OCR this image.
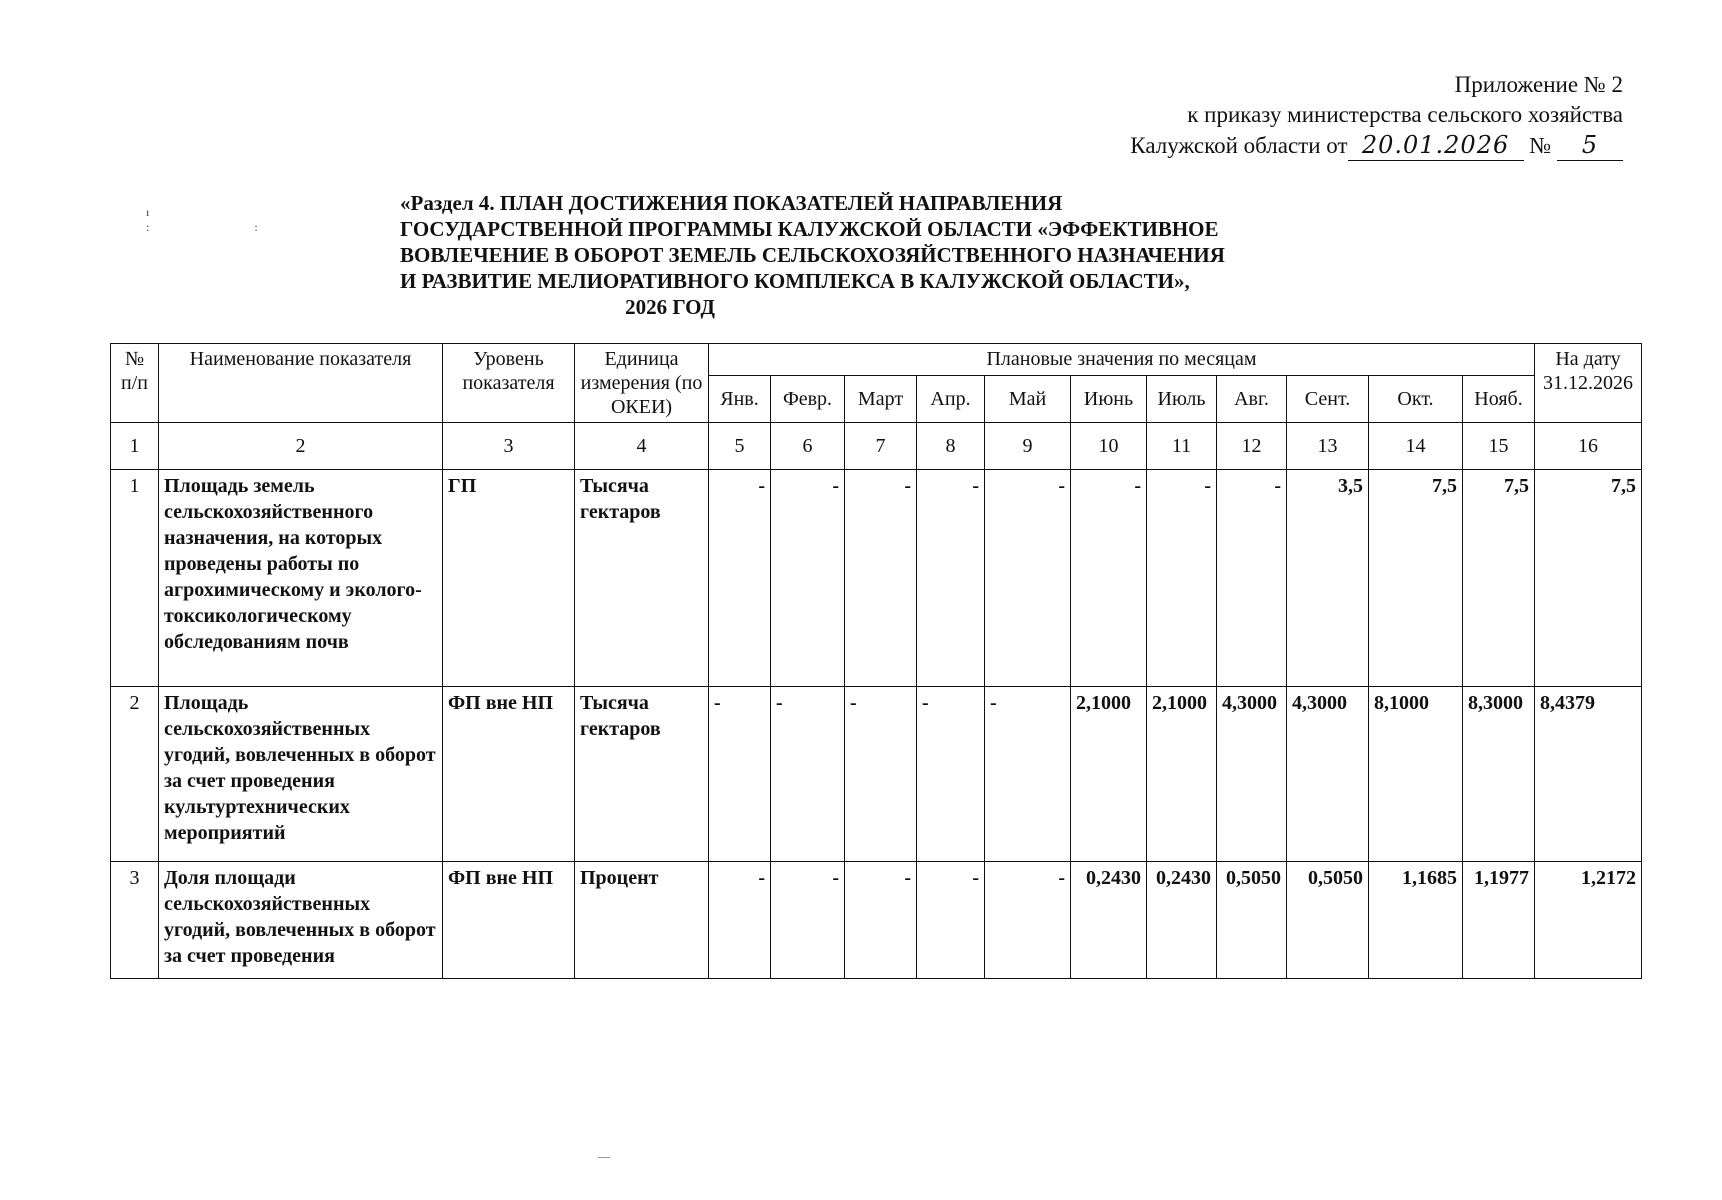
Приложение № 2
к приказу министерства сельского хозяйства
Калужской области от 20.01.2026 № 5
ı
:                                   :
«Раздел 4. ПЛАН ДОСТИЖЕНИЯ ПОКАЗАТЕЛЕЙ НАПРАВЛЕНИЯ
ГОСУДАРСТВЕННОЙ ПРОГРАММЫ КАЛУЖСКОЙ ОБЛАСТИ «ЭФФЕКТИВНОЕ
ВОВЛЕЧЕНИЕ В ОБОРОТ ЗЕМЕЛЬ СЕЛЬСКОХОЗЯЙСТВЕННОГО НАЗНАЧЕНИЯ
И РАЗВИТИЕ МЕЛИОРАТИВНОГО КОМПЛЕКСА В КАЛУЖСКОЙ ОБЛАСТИ»,
2026 ГОД
№ п/п	Наименование показателя	Уровень показателя	Единица измерения (по ОКЕИ)	Плановые значения по месяцам											На дату 31.12.2026
				Янв.	Февр.	Март	Апр.	Май	Июнь	Июль	Авг.	Сент.	Окт.	Нояб.	
1	2	3	4	5	6	7	8	9	10	11	12	13	14	15	16
1	Площадь земель сельскохозяйственного назначения, на которых проведены работы по агрохимическому и эколого-токсикологическому обследованиям почв	ГП	Тысяча гектаров	-	-	-	-	-	-	-	-	3,5	7,5	7,5	7,5
2	Площадь сельскохозяйственных угодий, вовлеченных в оборот за счет проведения культуртехнических мероприятий	ФП вне НП	Тысяча гектаров	-	-	-	-	-	2,1000	2,1000	4,3000	4,3000	8,1000	8,3000	8,4379
3	Доля площади сельскохозяйственных угодий, вовлеченных в оборот за счет проведения	ФП вне НП	Процент	-	-	-	-	-	0,2430	0,2430	0,5050	0,5050	1,1685	1,1977	1,2172
